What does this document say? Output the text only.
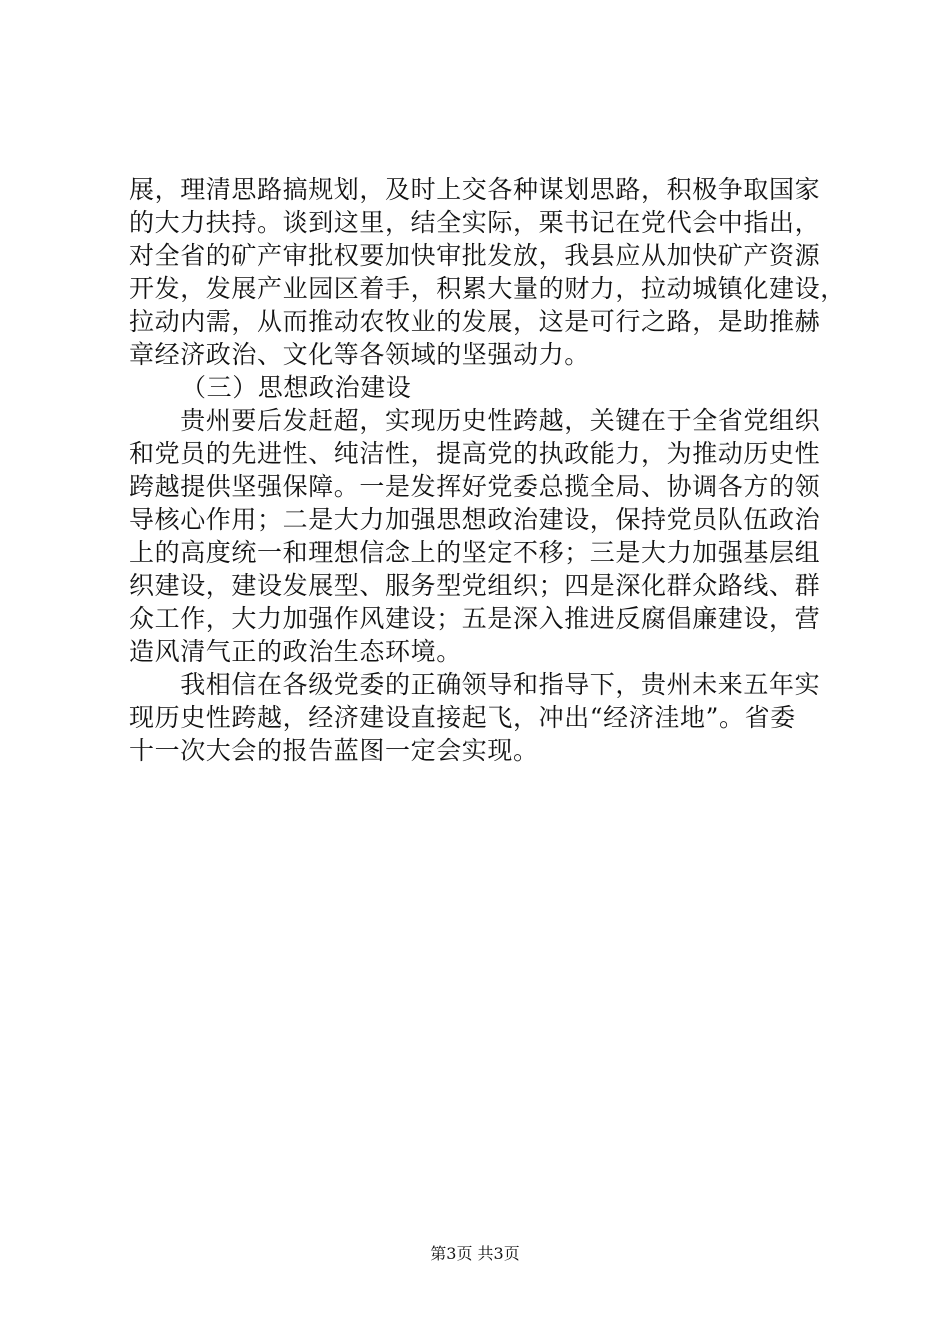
展，理清思路搞规划，及时上交各种谋划思路，积极争取国家
的大力扶持。谈到这里，结全实际，栗书记在党代会中指出，
对全省的矿产审批权要加快审批发放，我县应从加快矿产资源
开发，发展产业园区着手，积累大量的财力，拉动城镇化建设，
拉动内需，从而推动农牧业的发展，这是可行之路，是助推赫
章经济政治、文化等各领域的坚强动力。
（三）思想政治建设
　　贵州要后发赶超，实现历史性跨越，关键在于全省党组织
和党员的先进性、纯洁性，提高党的执政能力，为推动历史性
跨越提供坚强保障。一是发挥好党委总揽全局、协调各方的领
导核心作用；二是大力加强思想政治建设，保持党员队伍政治
上的高度统一和理想信念上的坚定不移；三是大力加强基层组
织建设，建设发展型、服务型党组织；四是深化群众路线、群
众工作，大力加强作风建设；五是深入推进反腐倡廉建设，营
造风清气正的政治生态环境。
　　我相信在各级党委的正确领导和指导下，贵州未来五年实
现历史性跨越，经济建设直接起飞，冲出“经济洼地”。省委
十一次大会的报告蓝图一定会实现。
第3页 共3页
